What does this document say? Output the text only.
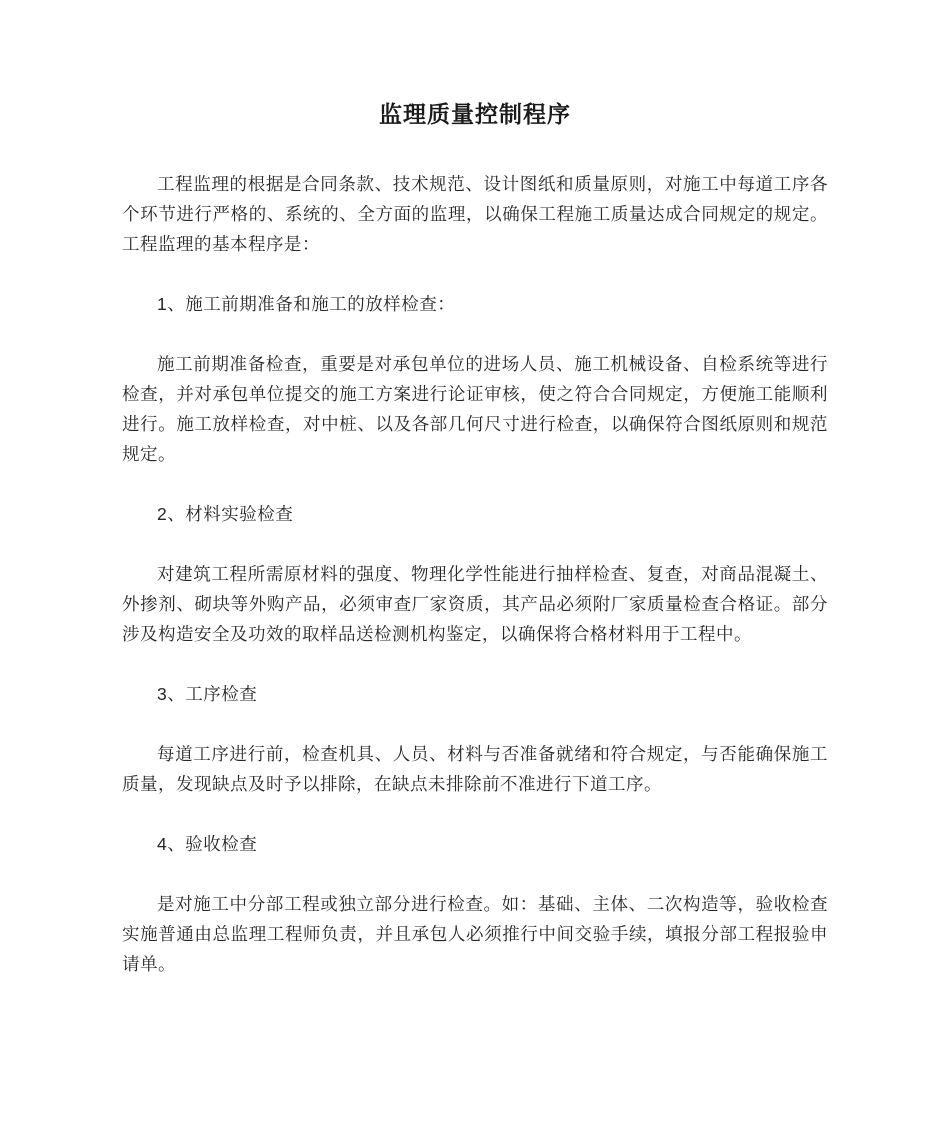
监理质量控制程序

工程监理的根据是合同条款、技术规范、设计图纸和质量原则，对施工中每道工序各个环节进行严格的、系统的、全方面的监理，以确保工程施工质量达成合同规定的规定。工程监理的基本程序是：

1、施工前期准备和施工的放样检查：

施工前期准备检查，重要是对承包单位的进场人员、施工机械设备、自检系统等进行检查，并对承包单位提交的施工方案进行论证审核，使之符合合同规定，方便施工能顺利进行。施工放样检查，对中桩、以及各部几何尺寸进行检查，以确保符合图纸原则和规范规定。

2、材料实验检查

对建筑工程所需原材料的强度、物理化学性能进行抽样检查、复查，对商品混凝土、外掺剂、砌块等外购产品，必须审查厂家资质，其产品必须附厂家质量检查合格证。部分涉及构造安全及功效的取样品送检测机构鉴定，以确保将合格材料用于工程中。

3、工序检查

每道工序进行前，检查机具、人员、材料与否准备就绪和符合规定，与否能确保施工质量，发现缺点及时予以排除，在缺点未排除前不准进行下道工序。

4、验收检查

是对施工中分部工程或独立部分进行检查。如：基础、主体、二次构造等，验收检查实施普通由总监理工程师负责，并且承包人必须推行中间交验手续，填报分部工程报验申请单。
